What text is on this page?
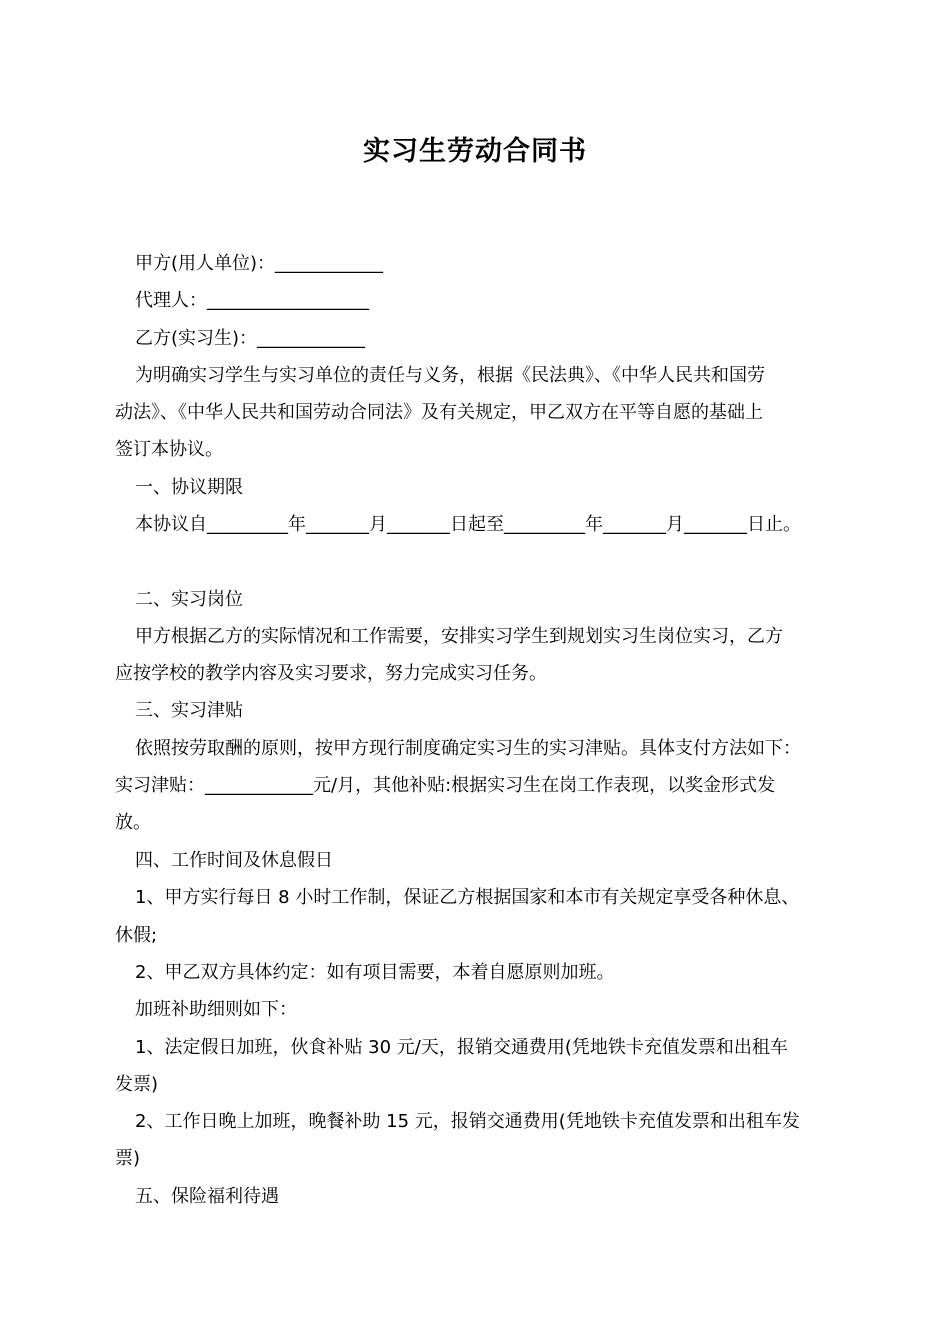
实习生劳动合同书
甲方(用人单位)：____________
代理人：__________________
乙方(实习生)：____________
为明确实习学生与实习单位的责任与义务，根据《民法典》、《中华人民共和国劳
动法》、《中华人民共和国劳动合同法》及有关规定，甲乙双方在平等自愿的基础上
签订本协议。
一、协议期限
本协议自_________年_______月_______日起至_________年_______月_______日止。
二、实习岗位
甲方根据乙方的实际情况和工作需要，安排实习学生到规划实习生岗位实习，乙方
应按学校的教学内容及实习要求，努力完成实习任务。
三、实习津贴
依照按劳取酬的原则，按甲方现行制度确定实习生的实习津贴。具体支付方法如下：
实习津贴：____________元/月，其他补贴:根据实习生在岗工作表现，以奖金形式发
放。
四、工作时间及休息假日
1、甲方实行每日 8 小时工作制，保证乙方根据国家和本市有关规定享受各种休息、
休假;
2、甲乙双方具体约定：如有项目需要，本着自愿原则加班。
加班补助细则如下：
1、法定假日加班，伙食补贴 30 元/天，报销交通费用(凭地铁卡充值发票和出租车
发票)
2、工作日晚上加班，晚餐补助 15 元，报销交通费用(凭地铁卡充值发票和出租车发
票)
五、保险福利待遇
